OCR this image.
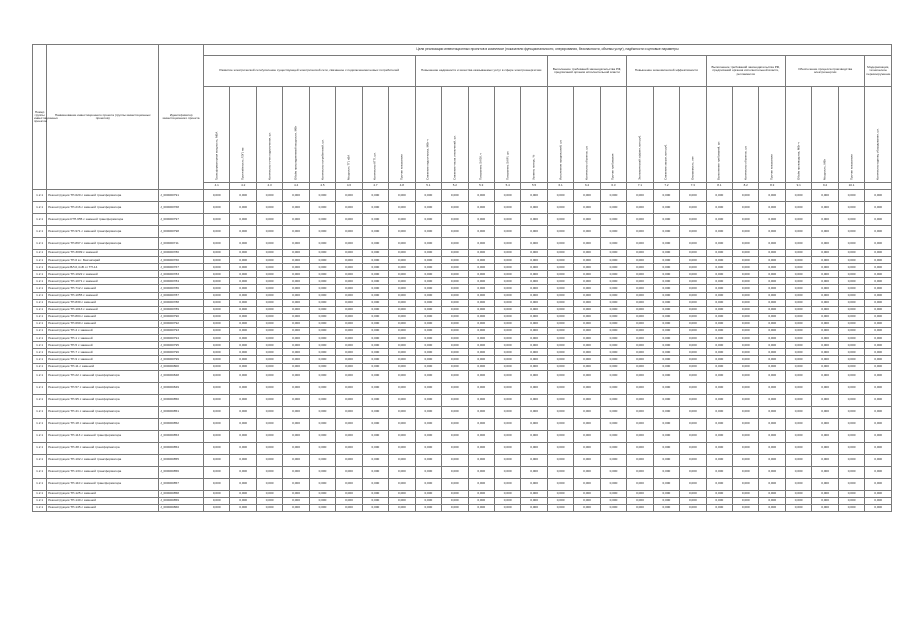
Номер группы инвестиционных проектов	Наименование инвестиционного проекта (группы инвестиционных проектов)	Идентификатор инвестиционного проекта	Цели реализации инвестиционных проектов в комплексе (показатели функциональности, оперирования, безопасности, объемы услуг), надёжности и ценовые параметры																									
			Развитие электрической сети/усиление существующей электрической сети, связанное с подключением новых потребителей								Повышение надёжности и качества оказываемых услуг в сфере электроэнергетики					Выполнение требований законодательства РФ, предписаний органов исполнительной власти			Повышение экономической эффективности			Выполнение требований законодательства РФ, предписаний органов исполнительной власти, регламентов			Обеспечение процесса производства электроэнергии			Модернизация, техническое перевооружение

			Трансформаторная мощность, МВА	Протяжённость ЛЭП, км	Количество точек подключения, шт.	Объём присоединяемой мощности, МВт	Количество потребителей, шт.	Мощность ТП, кВА	Количество КТП, шт.	Прочие показатели	Снижение недоотпуска, МВт·ч	Снижение числа отключений, шт.	Показатель SAIDI, ч	Показатель SAIFI, шт.	Уровень потерь, %	Исполнение предписаний, шт.	Количество объектов, шт.	Прочие требования	Экономический эффект, млн руб.	Снижение затрат, млн руб.	Окупаемость, лет	Выполнение требований, шт.	Количество объектов, шт.	Прочие показатели	Объём производства, МВт·ч	Мощность, МВт	Прочие показатели	Количество единиц оборудования, шт.

			4.1	4.2	4.3	4.4	4.5	4.6	4.7	4.8	5.1	5.2	5.3	5.4	5.5	6.1	6.2	6.3	7.1	7.2	7.3	8.1	8.2	8.3	9.1	9.2	10.1	
1.2.1	Реконструкция ТП-620 с заменой трансформатора	J_000000791	0,000	0,000	0,000	0,000	0,000	0,000	0,000	0,000	0,000	0,000	0,000	0,000	0,000	0,000	0,000	0,000	0,000	0,000	0,000	0,000	0,000	0,000	0,000	0,000	0,000	0,000
1.2.1	Реконструкция ТП-216 с заменой трансформатора	J_000000768	0,000	0,000	0,000	0,000	0,000	0,000	0,000	0,000	0,000	0,000	0,000	0,000	0,000	0,000	0,000	0,000	0,000	0,000	0,000	0,000	0,000	0,000	0,000	0,000	0,000	0,000
1.2.1	Реконструкция КТП-655 с заменой трансформатора	J_000000797	0,000	0,000	0,000	0,000	0,000	0,000	0,000	0,000	0,000	0,000	0,000	0,000	0,000	0,000	0,000	0,000	0,000	0,000	0,000	0,000	0,000	0,000	0,000	0,000	0,000	0,000
1.2.1	Реконструкция ТП-971 с заменой трансформатора	J_000000798	0,000	0,000	0,000	0,000	0,000	0,000	0,000	0,000	0,000	0,000	0,000	0,000	0,000	0,000	0,000	0,000	0,000	0,000	0,000	0,000	0,000	0,000	0,000	0,000	0,000	0,000
1.2.1	Реконструкция ТП-897 с заменой трансформатора	J_000000711	0,000	0,000	0,000	0,000	0,000	0,000	0,000	0,000	0,000	0,000	0,000	0,000	0,000	0,000	0,000	0,000	0,000	0,000	0,000	0,000	0,000	0,000	0,000	0,000	0,000	0,000
1.2.1	Реконструкция ТП-3009 с заменой	J_000000780	0,000	0,000	0,000	0,000	0,000	0,000	0,000	0,000	0,000	0,000	0,000	0,000	0,000	0,000	0,000	0,000	0,000	0,000	0,000	0,000	0,000	0,000	0,000	0,000	0,000	0,000
1.2.1	Реконструкция ТП-6 в г. Бахчисарай	J_000000760	0,000	0,000	0,000	0,000	0,000	0,000	0,000	0,000	0,000	0,000	0,000	0,000	0,000	0,000	0,000	0,000	0,000	0,000	0,000	0,000	0,000	0,000	0,000	0,000	0,000	0,000
1.2.1	Реконструкция ВЛ-0,4 кВ от ТП-14	J_000000767	0,000	0,000	0,000	0,000	0,000	0,000	0,000	0,000	0,000	0,000	0,000	0,000	0,000	0,000	0,000	0,000	0,000	0,000	0,000	0,000	0,000	0,000	0,000	0,000	0,000	0,000
1.2.1	Реконструкция ТП-1022 с заменой	J_000000783	0,000	0,000	0,000	0,000	0,000	0,000	0,000	0,000	0,000	0,000	0,000	0,000	0,000	0,000	0,000	0,000	0,000	0,000	0,000	0,000	0,000	0,000	0,000	0,000	0,000	0,000
1.2.1	Реконструкция ТП-1071 с заменой	J_000000784	0,000	0,000	0,000	0,000	0,000	0,000	0,000	0,000	0,000	0,000	0,000	0,000	0,000	0,000	0,000	0,000	0,000	0,000	0,000	0,000	0,000	0,000	0,000	0,000	0,000	0,000
1.2.1	Реконструкция ТП-712 с заменой	J_000000786	0,000	0,000	0,000	0,000	0,000	0,000	0,000	0,000	0,000	0,000	0,000	0,000	0,000	0,000	0,000	0,000	0,000	0,000	0,000	0,000	0,000	0,000	0,000	0,000	0,000	0,000
1.2.1	Реконструкция ТП-1055 с заменой	J_000000787	0,000	0,000	0,000	0,000	0,000	0,000	0,000	0,000	0,000	0,000	0,000	0,000	0,000	0,000	0,000	0,000	0,000	0,000	0,000	0,000	0,000	0,000	0,000	0,000	0,000	0,000
1.2.1	Реконструкция ТП-830 с заменой	J_000000788	0,000	0,000	0,000	0,000	0,000	0,000	0,000	0,000	0,000	0,000	0,000	0,000	0,000	0,000	0,000	0,000	0,000	0,000	0,000	0,000	0,000	0,000	0,000	0,000	0,000	0,000
1.2.1	Реконструкция ТП-1013 с заменой	J_000000789	0,000	0,000	0,000	0,000	0,000	0,000	0,000	0,000	0,000	0,000	0,000	0,000	0,000	0,000	0,000	0,000	0,000	0,000	0,000	0,000	0,000	0,000	0,000	0,000	0,000	0,000
1.2.1	Реконструкция ТП-804 с заменой	J_000000790	0,000	0,000	0,000	0,000	0,000	0,000	0,000	0,000	0,000	0,000	0,000	0,000	0,000	0,000	0,000	0,000	0,000	0,000	0,000	0,000	0,000	0,000	0,000	0,000	0,000	0,000
1.2.1	Реконструкция ТП-690 с заменой	J_000000792	0,000	0,000	0,000	0,000	0,000	0,000	0,000	0,000	0,000	0,000	0,000	0,000	0,000	0,000	0,000	0,000	0,000	0,000	0,000	0,000	0,000	0,000	0,000	0,000	0,000	0,000
1.2.1	Реконструкция ТП-4 с заменой	J_000000793	0,000	0,000	0,000	0,000	0,000	0,000	0,000	0,000	0,000	0,000	0,000	0,000	0,000	0,000	0,000	0,000	0,000	0,000	0,000	0,000	0,000	0,000	0,000	0,000	0,000	0,000
1.2.1	Реконструкция ТП-1 с заменой	J_000000794	0,000	0,000	0,000	0,000	0,000	0,000	0,000	0,000	0,000	0,000	0,000	0,000	0,000	0,000	0,000	0,000	0,000	0,000	0,000	0,000	0,000	0,000	0,000	0,000	0,000	0,000
1.2.1	Реконструкция ТП-5 с заменой	J_000000795	0,000	0,000	0,000	0,000	0,000	0,000	0,000	0,000	0,000	0,000	0,000	0,000	0,000	0,000	0,000	0,000	0,000	0,000	0,000	0,000	0,000	0,000	0,000	0,000	0,000	0,000
1.2.1	Реконструкция ТП-7 с заменой	J_000000796	0,000	0,000	0,000	0,000	0,000	0,000	0,000	0,000	0,000	0,000	0,000	0,000	0,000	0,000	0,000	0,000	0,000	0,000	0,000	0,000	0,000	0,000	0,000	0,000	0,000	0,000
1.2.1	Реконструкция ТП-9 с заменой	J_000000799	0,000	0,000	0,000	0,000	0,000	0,000	0,000	0,000	0,000	0,000	0,000	0,000	0,000	0,000	0,000	0,000	0,000	0,000	0,000	0,000	0,000	0,000	0,000	0,000	0,000	0,000
1.2.1	Реконструкция ТП-11 с заменой	J_000000800	0,000	0,000	0,000	0,000	0,000	0,000	0,000	0,000	0,000	0,000	0,000	0,000	0,000	0,000	0,000	0,000	0,000	0,000	0,000	0,000	0,000	0,000	0,000	0,000	0,000	0,000
1.2.1	Реконструкция ТП-22 с заменой трансформатора	J_000000848	0,000	0,000	0,000	0,000	0,000	0,000	0,000	0,000	0,000	0,000	0,000	0,000	0,000	0,000	0,000	0,000	0,000	0,000	0,000	0,000	0,000	0,000	0,000	0,000	0,000	0,000
1.2.1	Реконструкция ТП-57 с заменой трансформатора	J_000000849	0,000	0,000	0,000	0,000	0,000	0,000	0,000	0,000	0,000	0,000	0,000	0,000	0,000	0,000	0,000	0,000	0,000	0,000	0,000	0,000	0,000	0,000	0,000	0,000	0,000	0,000
1.2.1	Реконструкция ТП-95 с заменой трансформатора	J_000000850	0,000	0,000	0,000	0,000	0,000	0,000	0,000	0,000	0,000	0,000	0,000	0,000	0,000	0,000	0,000	0,000	0,000	0,000	0,000	0,000	0,000	0,000	0,000	0,000	0,000	0,000
1.2.1	Реконструкция ТП-41 с заменой трансформатора	J_000000851	0,000	0,000	0,000	0,000	0,000	0,000	0,000	0,000	0,000	0,000	0,000	0,000	0,000	0,000	0,000	0,000	0,000	0,000	0,000	0,000	0,000	0,000	0,000	0,000	0,000	0,000
1.2.1	Реконструкция ТП-18 с заменой трансформатора	J_000000852	0,000	0,000	0,000	0,000	0,000	0,000	0,000	0,000	0,000	0,000	0,000	0,000	0,000	0,000	0,000	0,000	0,000	0,000	0,000	0,000	0,000	0,000	0,000	0,000	0,000	0,000
1.2.1	Реконструкция ТП-113 с заменой трансформатора	J_000000853	0,000	0,000	0,000	0,000	0,000	0,000	0,000	0,000	0,000	0,000	0,000	0,000	0,000	0,000	0,000	0,000	0,000	0,000	0,000	0,000	0,000	0,000	0,000	0,000	0,000	0,000
1.2.1	Реконструкция ТП-38 с заменой трансформатора	J_000000854	0,000	0,000	0,000	0,000	0,000	0,000	0,000	0,000	0,000	0,000	0,000	0,000	0,000	0,000	0,000	0,000	0,000	0,000	0,000	0,000	0,000	0,000	0,000	0,000	0,000	0,000
1.2.1	Реконструкция ТП-102 с заменой трансформатора	J_000000855	0,000	0,000	0,000	0,000	0,000	0,000	0,000	0,000	0,000	0,000	0,000	0,000	0,000	0,000	0,000	0,000	0,000	0,000	0,000	0,000	0,000	0,000	0,000	0,000	0,000	0,000
1.2.1	Реконструкция ТП-134 с заменой трансформатора	J_000000856	0,000	0,000	0,000	0,000	0,000	0,000	0,000	0,000	0,000	0,000	0,000	0,000	0,000	0,000	0,000	0,000	0,000	0,000	0,000	0,000	0,000	0,000	0,000	0,000	0,000	0,000
1.2.1	Реконструкция ТП-110 с заменой трансформатора	J_000000857	0,000	0,000	0,000	0,000	0,000	0,000	0,000	0,000	0,000	0,000	0,000	0,000	0,000	0,000	0,000	0,000	0,000	0,000	0,000	0,000	0,000	0,000	0,000	0,000	0,000	0,000
1.2.1	Реконструкция ТП-125 с заменой	J_000000858	0,000	0,000	0,000	0,000	0,000	0,000	0,000	0,000	0,000	0,000	0,000	0,000	0,000	0,000	0,000	0,000	0,000	0,000	0,000	0,000	0,000	0,000	0,000	0,000	0,000	0,000
1.2.1	Реконструкция ТП-140 с заменой	J_000000859	0,000	0,000	0,000	0,000	0,000	0,000	0,000	0,000	0,000	0,000	0,000	0,000	0,000	0,000	0,000	0,000	0,000	0,000	0,000	0,000	0,000	0,000	0,000	0,000	0,000	0,000
1.2.1	Реконструкция ТП-145 с заменой	J_000000860	0,000	0,000	0,000	0,000	0,000	0,000	0,000	0,000	0,000	0,000	0,000	0,000	0,000	0,000	0,000	0,000	0,000	0,000	0,000	0,000	0,000	0,000	0,000	0,000	0,000	0,000
